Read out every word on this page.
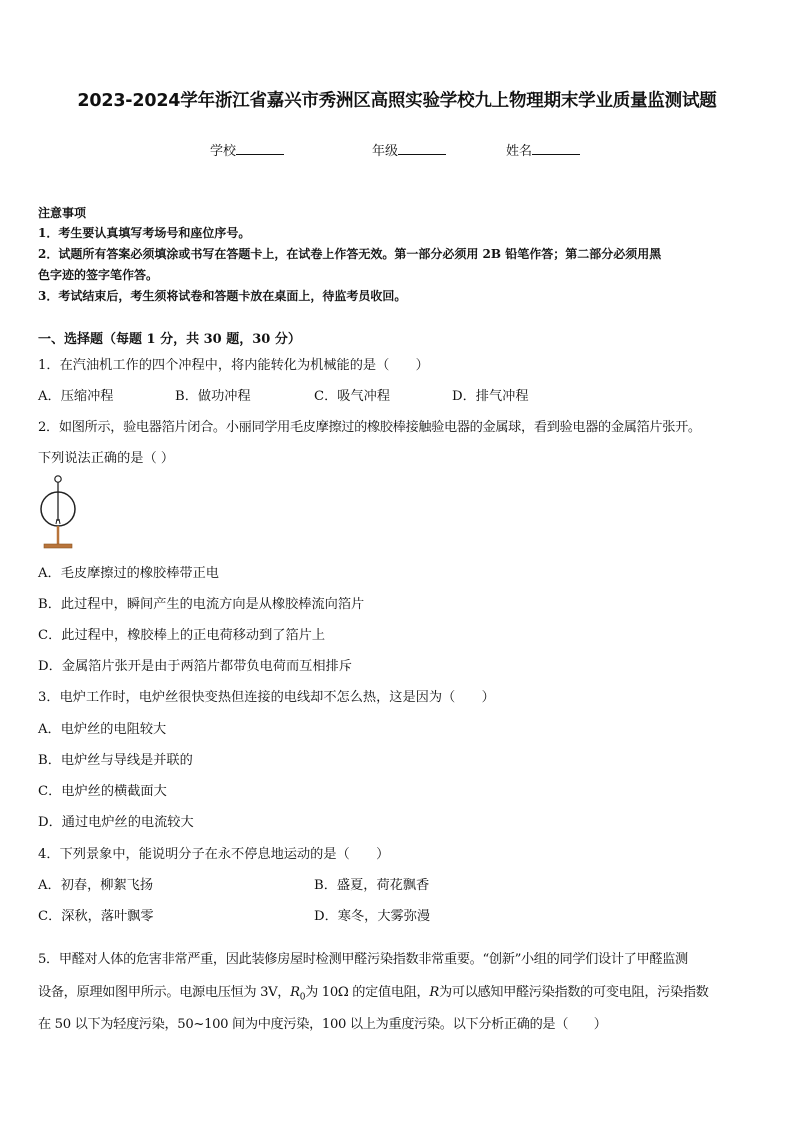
2023-2024学年浙江省嘉兴市秀洲区高照实验学校九上物理期末学业质量监测试题
学校	年级	姓名
注意事项
1．考生要认真填写考场号和座位序号。
2．试题所有答案必须填涂或书写在答题卡上，在试卷上作答无效。第一部分必须用 2B 铅笔作答；第二部分必须用黑
色字迹的签字笔作答。
3．考试结束后，考生须将试卷和答题卡放在桌面上，待监考员收回。
一、选择题（每题 1 分，共 30 题，30 分）
1．在汽油机工作的四个冲程中，将内能转化为机械能的是（　　）
A．压缩冲程	B．做功冲程	C．吸气冲程	D．排气冲程
2．如图所示，验电器箔片闭合。小丽同学用毛皮摩擦过的橡胶棒接触验电器的金属球，看到验电器的金属箔片张开。
下列说法正确的是（ ）
A．毛皮摩擦过的橡胶棒带正电
B．此过程中，瞬间产生的电流方向是从橡胶棒流向箔片
C．此过程中，橡胶棒上的正电荷移动到了箔片上
D．金属箔片张开是由于两箔片都带负电荷而互相排斥
3．电炉工作时，电炉丝很快变热但连接的电线却不怎么热，这是因为（　　）
A．电炉丝的电阻较大
B．电炉丝与导线是并联的
C．电炉丝的横截面大
D．通过电炉丝的电流较大
4．下列景象中，能说明分子在永不停息地运动的是（　　）
A．初春，柳絮飞扬	B．盛夏，荷花飘香
C．深秋，落叶飘零	D．寒冬，大雾弥漫
5．甲醛对人体的危害非常严重，因此装修房屋时检测甲醛污染指数非常重要。“创新”小组的同学们设计了甲醛监测
设备，原理如图甲所示。电源电压恒为 3V，$R_0$为 10Ω 的定值电阻，R为可以感知甲醛污染指数的可变电阻，污染指数
在 50 以下为轻度污染，50~100 间为中度污染，100 以上为重度污染。以下分析正确的是（　　）
